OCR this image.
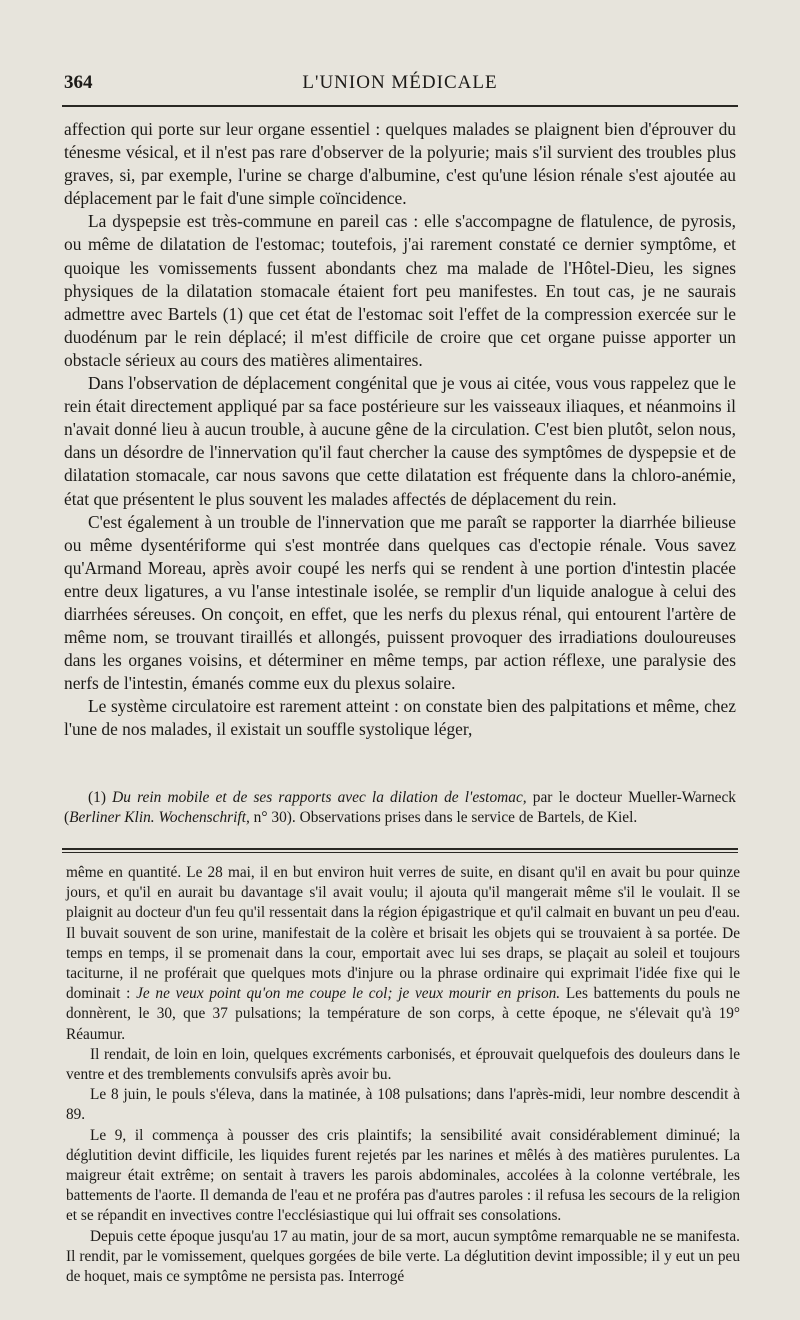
364	L'UNION MÉDICALE

affection qui porte sur leur organe essentiel : quelques malades se plaignent bien d'éprouver du ténesme vésical, et il n'est pas rare d'observer de la polyurie; mais s'il survient des troubles plus graves, si, par exemple, l'urine se charge d'albumine, c'est qu'une lésion rénale s'est ajoutée au déplacement par le fait d'une simple coïncidence.

La dyspepsie est très-commune en pareil cas : elle s'accompagne de flatulence, de pyrosis, ou même de dilatation de l'estomac; toutefois, j'ai rarement constaté ce dernier symptôme, et quoique les vomissements fussent abondants chez ma malade de l'Hôtel-Dieu, les signes physiques de la dilatation stomacale étaient fort peu manifestes. En tout cas, je ne saurais admettre avec Bartels (1) que cet état de l'estomac soit l'effet de la compression exercée sur le duodénum par le rein déplacé; il m'est difficile de croire que cet organe puisse apporter un obstacle sérieux au cours des matières alimentaires.

Dans l'observation de déplacement congénital que je vous ai citée, vous vous rappelez que le rein était directement appliqué par sa face postérieure sur les vaisseaux iliaques, et néanmoins il n'avait donné lieu à aucun trouble, à aucune gêne de la circulation. C'est bien plutôt, selon nous, dans un désordre de l'innervation qu'il faut chercher la cause des symptômes de dyspepsie et de dilatation stomacale, car nous savons que cette dilatation est fréquente dans la chloro-anémie, état que présentent le plus souvent les malades affectés de déplacement du rein.

C'est également à un trouble de l'innervation que me paraît se rapporter la diarrhée bilieuse ou même dysentériforme qui s'est montrée dans quelques cas d'ectopie rénale. Vous savez qu'Armand Moreau, après avoir coupé les nerfs qui se rendent à une portion d'intestin placée entre deux ligatures, a vu l'anse intestinale isolée, se remplir d'un liquide analogue à celui des diarrhées séreuses. On conçoit, en effet, que les nerfs du plexus rénal, qui entourent l'artère de même nom, se trouvant tiraillés et allongés, puissent provoquer des irradiations douloureuses dans les organes voisins, et déterminer en même temps, par action réflexe, une paralysie des nerfs de l'intestin, émanés comme eux du plexus solaire.

Le système circulatoire est rarement atteint : on constate bien des palpitations et même, chez l'une de nos malades, il existait un souffle systolique léger,

(1) Du rein mobile et de ses rapports avec la dilation de l'estomac, par le docteur Mueller-Warneck (Berliner Klin. Wochenschrift, n° 30). Observations prises dans le service de Bartels, de Kiel.

même en quantité. Le 28 mai, il en but environ huit verres de suite, en disant qu'il en avait bu pour quinze jours, et qu'il en aurait bu davantage s'il avait voulu; il ajouta qu'il mangerait même s'il le voulait. Il se plaignit au docteur d'un feu qu'il ressentait dans la région épigastrique et qu'il calmait en buvant un peu d'eau. Il buvait souvent de son urine, manifestait de la colère et brisait les objets qui se trouvaient à sa portée. De temps en temps, il se promenait dans la cour, emportait avec lui ses draps, se plaçait au soleil et toujours taciturne, il ne proférait que quelques mots d'injure ou la phrase ordinaire qui exprimait l'idée fixe qui le dominait : Je ne veux point qu'on me coupe le col; je veux mourir en prison. Les battements du pouls ne donnèrent, le 30, que 37 pulsations; la température de son corps, à cette époque, ne s'élevait qu'à 19° Réaumur.

Il rendait, de loin en loin, quelques excréments carbonisés, et éprouvait quelquefois des douleurs dans le ventre et des tremblements convulsifs après avoir bu.

Le 8 juin, le pouls s'éleva, dans la matinée, à 108 pulsations; dans l'après-midi, leur nombre descendit à 89.

Le 9, il commença à pousser des cris plaintifs; la sensibilité avait considérablement diminué; la déglutition devint difficile, les liquides furent rejetés par les narines et mêlés à des matières purulentes. La maigreur était extrême; on sentait à travers les parois abdominales, accolées à la colonne vertébrale, les battements de l'aorte. Il demanda de l'eau et ne proféra pas d'autres paroles : il refusa les secours de la religion et se répandit en invectives contre l'ecclésiastique qui lui offrait ses consolations.

Depuis cette époque jusqu'au 17 au matin, jour de sa mort, aucun symptôme remarquable ne se manifesta. Il rendit, par le vomissement, quelques gorgées de bile verte. La déglutition devint impossible; il y eut un peu de hoquet, mais ce symptôme ne persista pas. Interrogé
